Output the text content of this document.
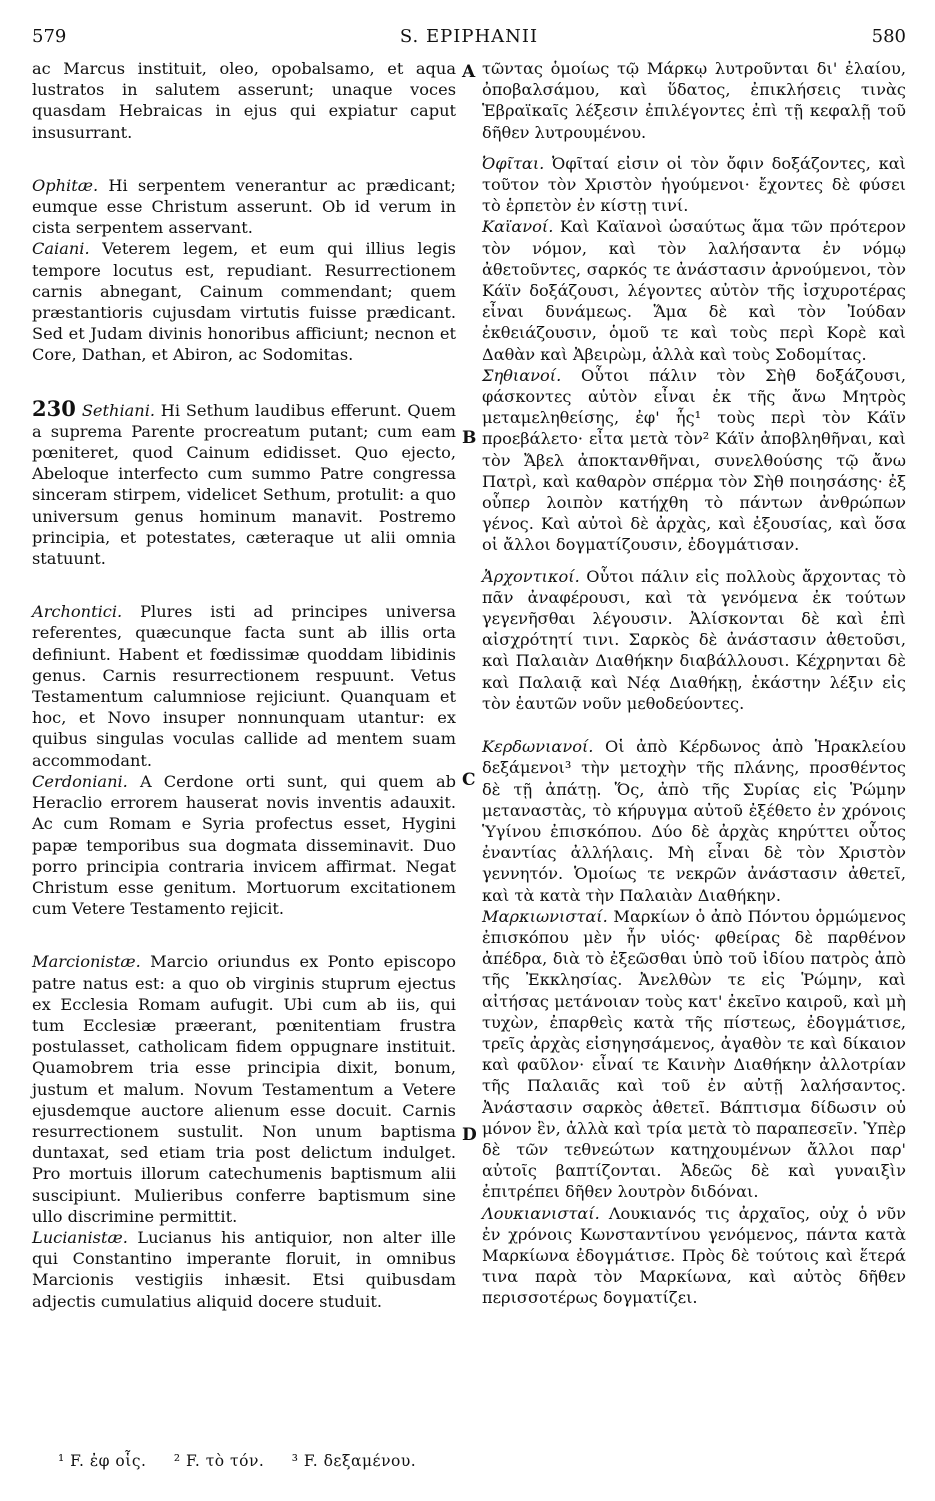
579	S. EPIPHANII	580
A
B
C
D

ac Marcus instituit, oleo, opobalsamo, et aqua lustratos in salutem asserunt; unaque voces quasdam Hebraicas in ejus qui expiatur caput insusurrant.

Ophitæ. Hi serpentem venerantur ac prædicant; eumque esse Christum asserunt. Ob id verum in cista serpentem asservant.

Caiani. Veterem legem, et eum qui illius legis tempore locutus est, repudiant. Resurrectionem carnis abnegant, Cainum commendant; quem præstantioris cujusdam virtutis fuisse prædicant. Sed et Judam divinis honoribus afficiunt; necnon et Core, Dathan, et Abiron, ac Sodomitas.

230 Sethiani. Hi Sethum laudibus efferunt. Quem a suprema Parente procreatum putant; cum eam pœniteret, quod Cainum edidisset. Quo ejecto, Abeloque interfecto cum summo Patre congressa sinceram stirpem, videlicet Sethum, protulit: a quo universum genus hominum manavit. Postremo principia, et potestates, cæteraque ut alii omnia statuunt.

Archontici. Plures isti ad principes universa referentes, quæcunque facta sunt ab illis orta definiunt. Habent et fœdissimæ quoddam libidinis genus. Carnis resurrectionem respuunt. Vetus Testamentum calumniose rejiciunt. Quanquam et hoc, et Novo insuper nonnunquam utantur: ex quibus singulas voculas callide ad mentem suam accommodant.

Cerdoniani. A Cerdone orti sunt, qui quem ab Heraclio errorem hauserat novis inventis adauxit. Ac cum Romam e Syria profectus esset, Hygini papæ temporibus sua dogmata disseminavit. Duo porro principia contraria invicem affirmat. Negat Christum esse genitum. Mortuorum excitationem cum Vetere Testamento rejicit.

Marcionistæ. Marcio oriundus ex Ponto episcopo patre natus est: a quo ob virginis stuprum ejectus ex Ecclesia Romam aufugit. Ubi cum ab iis, qui tum Ecclesiæ præerant, pœnitentiam frustra postulasset, catholicam fidem oppugnare instituit. Quamobrem tria esse principia dixit, bonum, justum et malum. Novum Testamentum a Vetere ejusdemque auctore alienum esse docuit. Carnis resurrectionem sustulit. Non unum baptisma duntaxat, sed etiam tria post delictum indulget. Pro mortuis illorum catechumenis baptismum alii suscipiunt. Mulieribus conferre baptismum sine ullo discrimine permittit.

Lucianistæ. Lucianus his antiquior, non alter ille qui Constantino imperante floruit, in omnibus Marcionis vestigiis inhæsit. Etsi quibusdam adjectis cumulatius aliquid docere studuit.

τῶντας ὁμοίως τῷ Μάρκῳ λυτροῦνται δι' ἐλαίου, ὀποβαλσάμου, καὶ ὕδατος, ἐπικλήσεις τινὰς Ἑβραϊκαῖς λέξεσιν ἐπιλέγοντες ἐπὶ τῇ κεφαλῇ τοῦ δῆθεν λυτρουμένου.

Ὀφῖται. Ὀφῖταί εἰσιν οἱ τὸν ὄφιν δοξάζοντες, καὶ τοῦτον τὸν Χριστὸν ἡγούμενοι· ἔχοντες δὲ φύσει τὸ ἑρπετὸν ἐν κίστῃ τινί.

Καϊανοί. Καὶ Καϊανοὶ ὡσαύτως ἅμα τῶν πρότερον τὸν νόμον, καὶ τὸν λαλήσαντα ἐν νόμῳ ἀθετοῦντες, σαρκός τε ἀνάστασιν ἀρνούμενοι, τὸν Κάϊν δοξάζουσι, λέγοντες αὐτὸν τῆς ἰσχυροτέρας εἶναι δυνάμεως. Ἅμα δὲ καὶ τὸν Ἰούδαν ἐκθειάζουσιν, ὁμοῦ τε καὶ τοὺς περὶ Κορὲ καὶ Δαθὰν καὶ Ἀβειρὼμ, ἀλλὰ καὶ τοὺς Σοδομίτας.

Σηθιανοί. Οὗτοι πάλιν τὸν Σὴθ δοξάζουσι, φάσκοντες αὐτὸν εἶναι ἐκ τῆς ἄνω Μητρὸς μεταμεληθείσης, ἐφ' ἧς¹ τοὺς περὶ τὸν Κάϊν προεβάλετο· εἶτα μετὰ τὸν² Κάϊν ἀποβληθῆναι, καὶ τὸν Ἄβελ ἀποκτανθῆναι, συνελθούσης τῷ ἄνω Πατρὶ, καὶ καθαρὸν σπέρμα τὸν Σὴθ ποιησάσης· ἐξ οὗπερ λοιπὸν κατήχθη τὸ πάντων ἀνθρώπων γένος. Καὶ αὐτοὶ δὲ ἀρχὰς, καὶ ἐξουσίας, καὶ ὅσα οἱ ἄλλοι δογματίζουσιν, ἐδογμάτισαν.

Ἀρχοντικοί. Οὗτοι πάλιν εἰς πολλοὺς ἄρχοντας τὸ πᾶν ἀναφέρουσι, καὶ τὰ γενόμενα ἐκ τούτων γεγενῆσθαι λέγουσιν. Ἀλίσκονται δὲ καὶ ἐπὶ αἰσχρότητί τινι. Σαρκὸς δὲ ἀνάστασιν ἀθετοῦσι, καὶ Παλαιὰν Διαθήκην διαβάλλουσι. Κέχρηνται δὲ καὶ Παλαιᾷ καὶ Νέᾳ Διαθήκῃ, ἑκάστην λέξιν εἰς τὸν ἑαυτῶν νοῦν μεθοδεύοντες.

Κερδωνιανοί. Οἱ ἀπὸ Κέρδωνος ἀπὸ Ἡρακλείου δεξάμενοι³ τὴν μετοχὴν τῆς πλάνης, προσθέντος δὲ τῇ ἀπάτῃ. Ὅς, ἀπὸ τῆς Συρίας εἰς Ῥώμην μεταναστὰς, τὸ κήρυγμα αὐτοῦ ἐξέθετο ἐν χρόνοις Ὑγίνου ἐπισκόπου. Δύο δὲ ἀρχὰς κηρύττει οὗτος ἐναντίας ἀλλήλαις. Μὴ εἶναι δὲ τὸν Χριστὸν γεννητόν. Ὁμοίως τε νεκρῶν ἀνάστασιν ἀθετεῖ, καὶ τὰ κατὰ τὴν Παλαιὰν Διαθήκην.

Μαρκιωνισταί. Μαρκίων ὁ ἀπὸ Πόντου ὁρμώμενος ἐπισκόπου μὲν ἦν υἱός· φθείρας δὲ παρθένον ἀπέδρα, διὰ τὸ ἐξεῶσθαι ὑπὸ τοῦ ἰδίου πατρὸς ἀπὸ τῆς Ἐκκλησίας. Ἀνελθὼν τε εἰς Ῥώμην, καὶ αἰτήσας μετάνοιαν τοὺς κατ' ἐκεῖνο καιροῦ, καὶ μὴ τυχὼν, ἐπαρθεὶς κατὰ τῆς πίστεως, ἐδογμάτισε, τρεῖς ἀρχὰς εἰσηγησάμενος, ἀγαθὸν τε καὶ δίκαιον καὶ φαῦλον· εἶναί τε Καινὴν Διαθήκην ἀλλοτρίαν τῆς Παλαιᾶς καὶ τοῦ ἐν αὐτῇ λαλήσαντος. Ἀνάστασιν σαρκὸς ἀθετεῖ. Βάπτισμα δίδωσιν οὐ μόνον ἓν, ἀλλὰ καὶ τρία μετὰ τὸ παραπεσεῖν. Ὑπὲρ δὲ τῶν τεθνεώτων κατηχουμένων ἄλλοι παρ' αὐτοῖς βαπτίζονται. Ἀδεῶς δὲ καὶ γυναιξὶν ἐπιτρέπει δῆθεν λουτρὸν διδόναι.

Λουκιανισταί. Λουκιανός τις ἀρχαῖος, οὐχ ὁ νῦν ἐν χρόνοις Κωνσταντίνου γενόμενος, πάντα κατὰ Μαρκίωνα ἐδογμάτισε. Πρὸς δὲ τούτοις καὶ ἕτερά τινα παρὰ τὸν Μαρκίωνα, καὶ αὐτὸς δῆθεν περισσοτέρως δογματίζει.

¹ F. ἐφ οἷς. ² F. τὸ τόν. ³ F. δεξαμένου.
